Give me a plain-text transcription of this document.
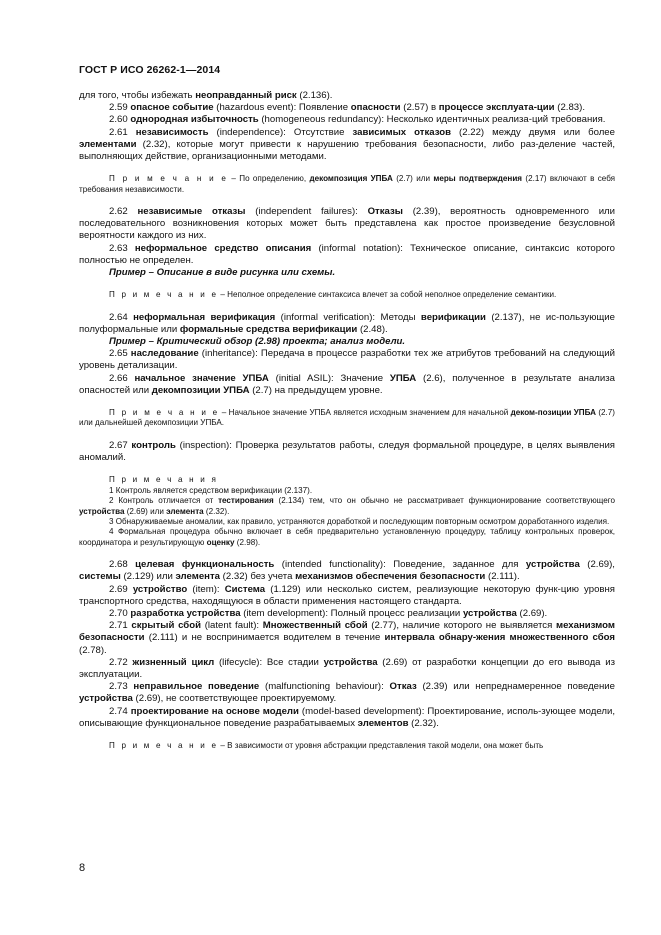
ГОСТ Р ИСО 26262-1—2014

для того, чтобы избежать неоправданный риск (2.136).

2.59 опасное событие (hazardous event): Появление опасности (2.57) в процессе эксплуата-ции (2.83).

2.60 однородная избыточность (homogeneous redundancy): Несколько идентичных реализа-ций требования.

2.61 независимость (independence): Отсутствие зависимых отказов (2.22) между двумя или более элементами (2.32), которые могут привести к нарушению требования безопасности, либо раз-деление частей, выполняющих действие, организационными методами.

П р и м е ч а н и е – По определению, декомпозиция УПБА (2.7) или меры подтверждения (2.17) включают в себя требования независимости.

2.62 независимые отказы (independent failures): Отказы (2.39), вероятность одновременного или последовательного возникновения которых может быть представлена как простое произведение безусловной вероятности каждого из них.

2.63 неформальное средство описания (informal notation): Техническое описание, синтаксис которого полностью не определен.

Пример – Описание в виде рисунка или схемы.

П р и м е ч а н и е – Неполное определение синтаксиса влечет за собой неполное определение семантики.

2.64 неформальная верификация (informal verification): Методы верификации (2.137), не ис-пользующие полуформальные или формальные средства верификации (2.48).

Пример – Критический обзор (2.98) проекта; анализ модели.

2.65 наследование (inheritance): Передача в процессе разработки тех же атрибутов требований на следующий уровень детализации.

2.66 начальное значение УПБА (initial ASIL): Значение УПБА (2.6), полученное в результате анализа опасностей или декомпозиции УПБА (2.7) на предыдущем уровне.

П р и м е ч а н и е – Начальное значение УПБА является исходным значением для начальной деком-позиции УПБА (2.7) или дальнейшей декомпозиции УПБА.

2.67 контроль (inspection): Проверка результатов работы, следуя формальной процедуре, в целях выявления аномалий.

П р и м е ч а н и я

1 Контроль является средством верификации (2.137).

2 Контроль отличается от тестирования (2.134) тем, что он обычно не рассматривает функционирование соответствующего устройства (2.69) или элемента (2.32).

3 Обнаруживаемые аномалии, как правило, устраняются доработкой и последующим повторным осмотром доработанного изделия.

4 Формальная процедура обычно включает в себя предварительно установленную процедуру, таблицу контрольных проверок, координатора и результирующую оценку (2.98).

2.68 целевая функциональность (intended functionality): Поведение, заданное для устройства (2.69), системы (2.129) или элемента (2.32) без учета механизмов обеспечения безопасности (2.111).

2.69 устройство (item): Система (1.129) или несколько систем, реализующие некоторую функ-цию уровня транспортного средства, находящуюся в области применения настоящего стандарта.

2.70 разработка устройства (item development): Полный процесс реализации устройства (2.69).

2.71 скрытый сбой (latent fault): Множественный сбой (2.77), наличие которого не выявляется механизмом безопасности (2.111) и не воспринимается водителем в течение интервала обнару-жения множественного сбоя (2.78).

2.72 жизненный цикл (lifecycle): Все стадии устройства (2.69) от разработки концепции до его вывода из эксплуатации.

2.73 неправильное поведение (malfunctioning behaviour): Отказ (2.39) или непреднамеренное поведение устройства (2.69), не соответствующее проектируемому.

2.74 проектирование на основе модели (model-based development): Проектирование, исполь-зующее модели, описывающие функциональное поведение разрабатываемых элементов (2.32).

П р и м е ч а н и е – В зависимости от уровня абстракции представления такой модели, она может быть

8
